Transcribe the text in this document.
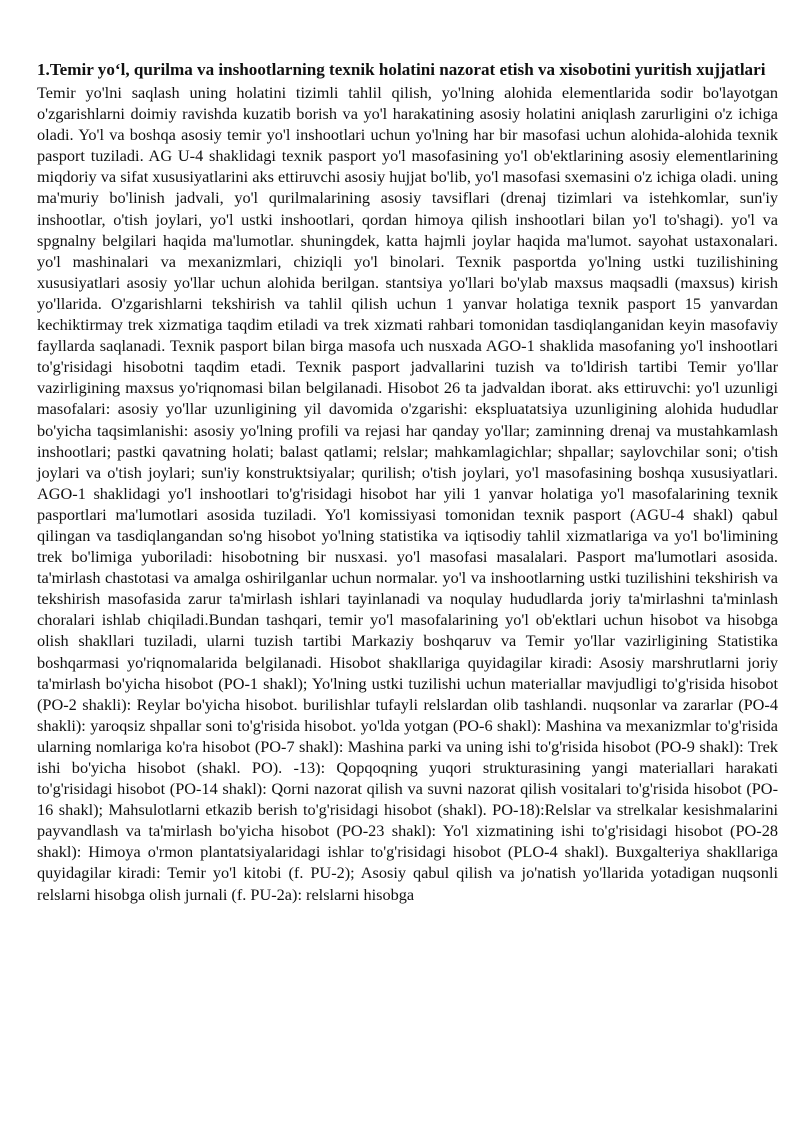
1.Temir yo‘l, qurilma va inshootlarning texnik holatini nazorat etish va xisobotini yuritish xujjatlari

Temir yo'lni saqlash uning holatini tizimli tahlil qilish, yo'lning alohida elementlarida sodir bo'layotgan o'zgarishlarni doimiy ravishda kuzatib borish va yo'l harakatining asosiy holatini aniqlash zarurligini o'z ichiga oladi. Yo'l va boshqa asosiy temir yo'l inshootlari uchun yo'lning har bir masofasi uchun alohida-alohida texnik pasport tuziladi. AG U-4 shaklidagi texnik pasport yo'l masofasining yo'l ob'ektlarining asosiy elementlarining miqdoriy va sifat xususiyatlarini aks ettiruvchi asosiy hujjat bo'lib, yo'l masofasi sxemasini o'z ichiga oladi. uning ma'muriy bo'linish jadvali, yo'l qurilmalarining asosiy tavsiflari (drenaj tizimlari va istehkomlar, sun'iy inshootlar, o'tish joylari, yo'l ustki inshootlari, qordan himoya qilish inshootlari bilan yo'l to'shagi). yo'l va spgnalny belgilari haqida ma'lumotlar. shuningdek, katta hajmli joylar haqida ma'lumot. sayohat ustaxonalari. yo'l mashinalari va mexanizmlari, chiziqli yo'l binolari. Texnik pasportda yo'lning ustki tuzilishining xususiyatlari asosiy yo'llar uchun alohida berilgan. stantsiya yo'llari bo'ylab maxsus maqsadli (maxsus) kirish yo'llarida. O'zgarishlarni tekshirish va tahlil qilish uchun 1 yanvar holatiga texnik pasport 15 yanvardan kechiktirmay trek xizmatiga taqdim etiladi va trek xizmati rahbari tomonidan tasdiqlanganidan keyin masofaviy fayllarda saqlanadi. Texnik pasport bilan birga masofa uch nusxada AGO-1 shaklida masofaning yo'l inshootlari to'g'risidagi hisobotni taqdim etadi. Texnik pasport jadvallarini tuzish va to'ldirish tartibi Temir yo'llar vazirligining maxsus yo'riqnomasi bilan belgilanadi. Hisobot 26 ta jadvaldan iborat. aks ettiruvchi: yo'l uzunligi masofalari: asosiy yo'llar uzunligining yil davomida o'zgarishi: ekspluatatsiya uzunligining alohida hududlar bo'yicha taqsimlanishi: asosiy yo'lning profili va rejasi har qanday yo'llar; zaminning drenaj va mustahkamlash inshootlari; pastki qavatning holati; balast qatlami; relslar; mahkamlagichlar; shpallar; saylovchilar soni; o'tish joylari va o'tish joylari; sun'iy konstruktsiyalar; qurilish; o'tish joylari, yo'l masofasining boshqa xususiyatlari. AGO-1 shaklidagi yo'l inshootlari to'g'risidagi hisobot har yili 1 yanvar holatiga yo'l masofalarining texnik pasportlari ma'lumotlari asosida tuziladi. Yo'l komissiyasi tomonidan texnik pasport (AGU-4 shakl) qabul qilingan va tasdiqlangandan so'ng hisobot yo'lning statistika va iqtisodiy tahlil xizmatlariga va yo'l bo'limining trek bo'limiga yuboriladi: hisobotning bir nusxasi. yo'l masofasi masalalari. Pasport ma'lumotlari asosida. ta'mirlash chastotasi va amalga oshirilganlar uchun normalar. yo'l va inshootlarning ustki tuzilishini tekshirish va tekshirish masofasida zarur ta'mirlash ishlari tayinlanadi va noqulay hududlarda joriy ta'mirlashni ta'minlash choralari ishlab chiqiladi.Bundan tashqari, temir yo'l masofalarining yo'l ob'ektlari uchun hisobot va hisobga olish shakllari tuziladi, ularni tuzish tartibi Markaziy boshqaruv va Temir yo'llar vazirligining Statistika boshqarmasi yo'riqnomalarida belgilanadi. Hisobot shakllariga quyidagilar kiradi: Asosiy marshrutlarni joriy ta'mirlash bo'yicha hisobot (PO-1 shakl); Yo'lning ustki tuzilishi uchun materiallar mavjudligi to'g'risida hisobot (PO-2 shakli): Reylar bo'yicha hisobot. burilishlar tufayli relslardan olib tashlandi. nuqsonlar va zararlar (PO-4 shakli): yaroqsiz shpallar soni to'g'risida hisobot. yo'lda yotgan (PO-6 shakl): Mashina va mexanizmlar to'g'risida ularning nomlariga ko'ra hisobot (PO-7 shakl): Mashina parki va uning ishi to'g'risida hisobot (PO-9 shakl): Trek ishi bo'yicha hisobot (shakl. PO). -13): Qopqoqning yuqori strukturasining yangi materiallari harakati to'g'risidagi hisobot (PO-14 shakl): Qorni nazorat qilish va suvni nazorat qilish vositalari to'g'risida hisobot (PO-16 shakl); Mahsulotlarni etkazib berish to'g'risidagi hisobot (shakl). PO-18):Relslar va strelkalar kesishmalarini payvandlash va ta'mirlash bo'yicha hisobot (PO-23 shakl): Yo'l xizmatining ishi to'g'risidagi hisobot (PO-28 shakl): Himoya o'rmon plantatsiyalaridagi ishlar to'g'risidagi hisobot (PLO-4 shakl). Buxgalteriya shakllariga quyidagilar kiradi: Temir yo'l kitobi (f. PU-2); Asosiy qabul qilish va jo'natish yo'llarida yotadigan nuqsonli relslarni hisobga olish jurnali (f. PU-2a): relslarni hisobga
